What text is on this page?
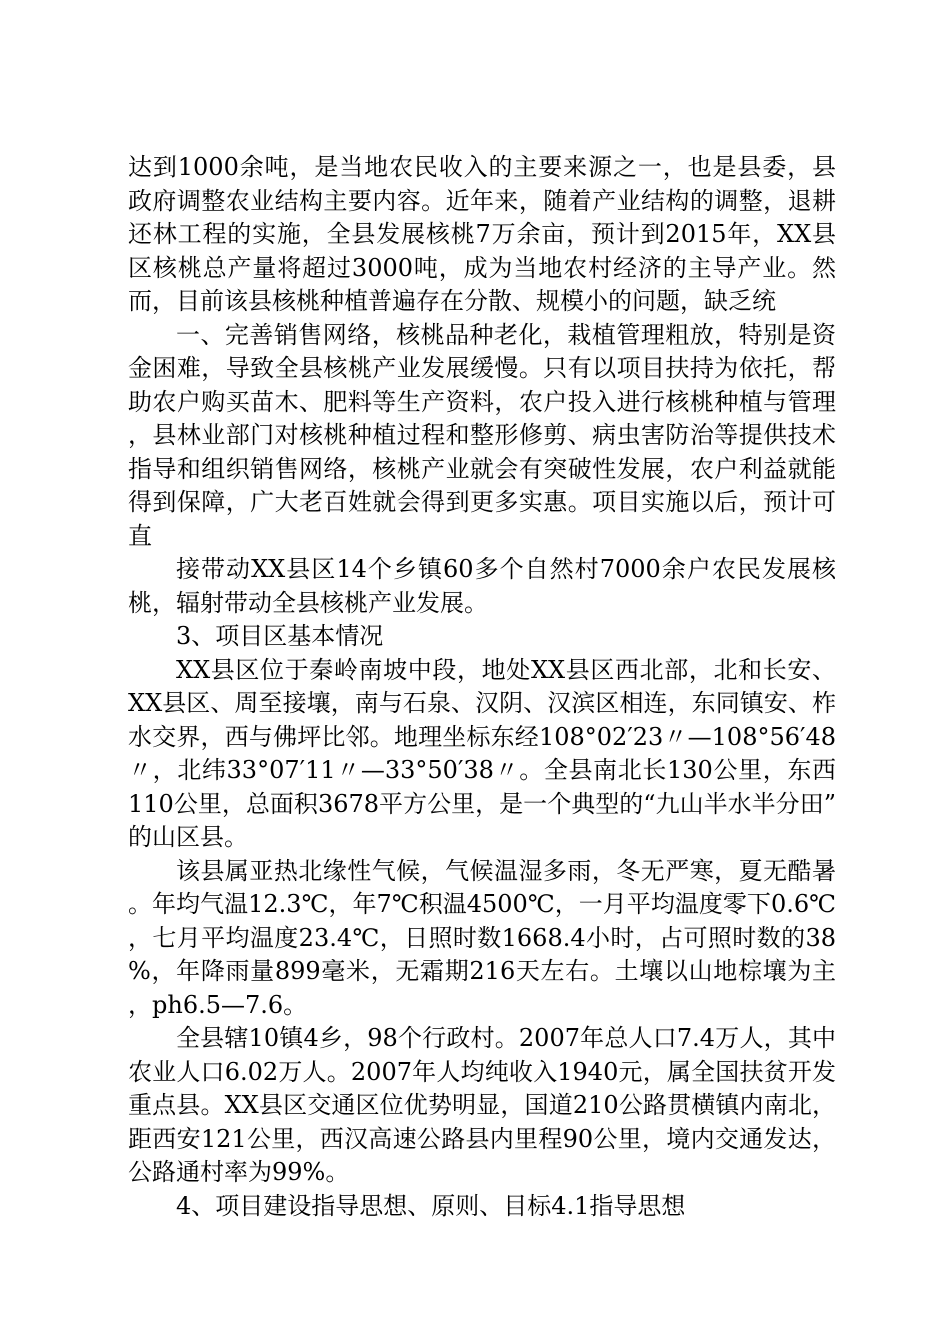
达到1000余吨，是当地农民收入的主要来源之一，也是县委，县政府调整农业结构主要内容。近年来，随着产业结构的调整，退耕还林工程的实施，全县发展核桃7万余亩，预计到2015年，XX县区核桃总产量将超过3000吨，成为当地农村经济的主导产业。然而，目前该县核桃种植普遍存在分散、规模小的问题，缺乏统

一、完善销售网络，核桃品种老化，栽植管理粗放，特别是资金困难，导致全县核桃产业发展缓慢。只有以项目扶持为依托，帮助农户购买苗木、肥料等生产资料，农户投入进行核桃种植与管理，县林业部门对核桃种植过程和整形修剪、病虫害防治等提供技术指导和组织销售网络，核桃产业就会有突破性发展，农户利益就能得到保障，广大老百姓就会得到更多实惠。项目实施以后，预计可直

接带动XX县区14个乡镇60多个自然村7000余户农民发展核桃，辐射带动全县核桃产业发展。

3、项目区基本情况

XX县区位于秦岭南坡中段，地处XX县区西北部，北和长安、XX县区、周至接壤，南与石泉、汉阴、汉滨区相连，东同镇安、柞水交界，西与佛坪比邻。地理坐标东经108°02′23〃—108°56′48〃，北纬33°07′11〃—33°50′38〃。全县南北长130公里，东西110公里，总面积3678平方公里，是一个典型的“九山半水半分田”的山区县。

该县属亚热北缘性气候，气候温湿多雨，冬无严寒，夏无酷暑。年均气温12.3℃，年7℃积温4500℃，一月平均温度零下0.6℃，七月平均温度23.4℃，日照时数1668.4小时，占可照时数的38%，年降雨量899毫米，无霜期216天左右。土壤以山地棕壤为主，ph6.5—7.6。

全县辖10镇4乡，98个行政村。2007年总人口7.4万人，其中农业人口6.02万人。2007年人均纯收入1940元，属全国扶贫开发重点县。XX县区交通区位优势明显，国道210公路贯横镇内南北，距西安121公里，西汉高速公路县内里程90公里，境内交通发达，公路通村率为99%。

4、项目建设指导思想、原则、目标4.1指导思想
